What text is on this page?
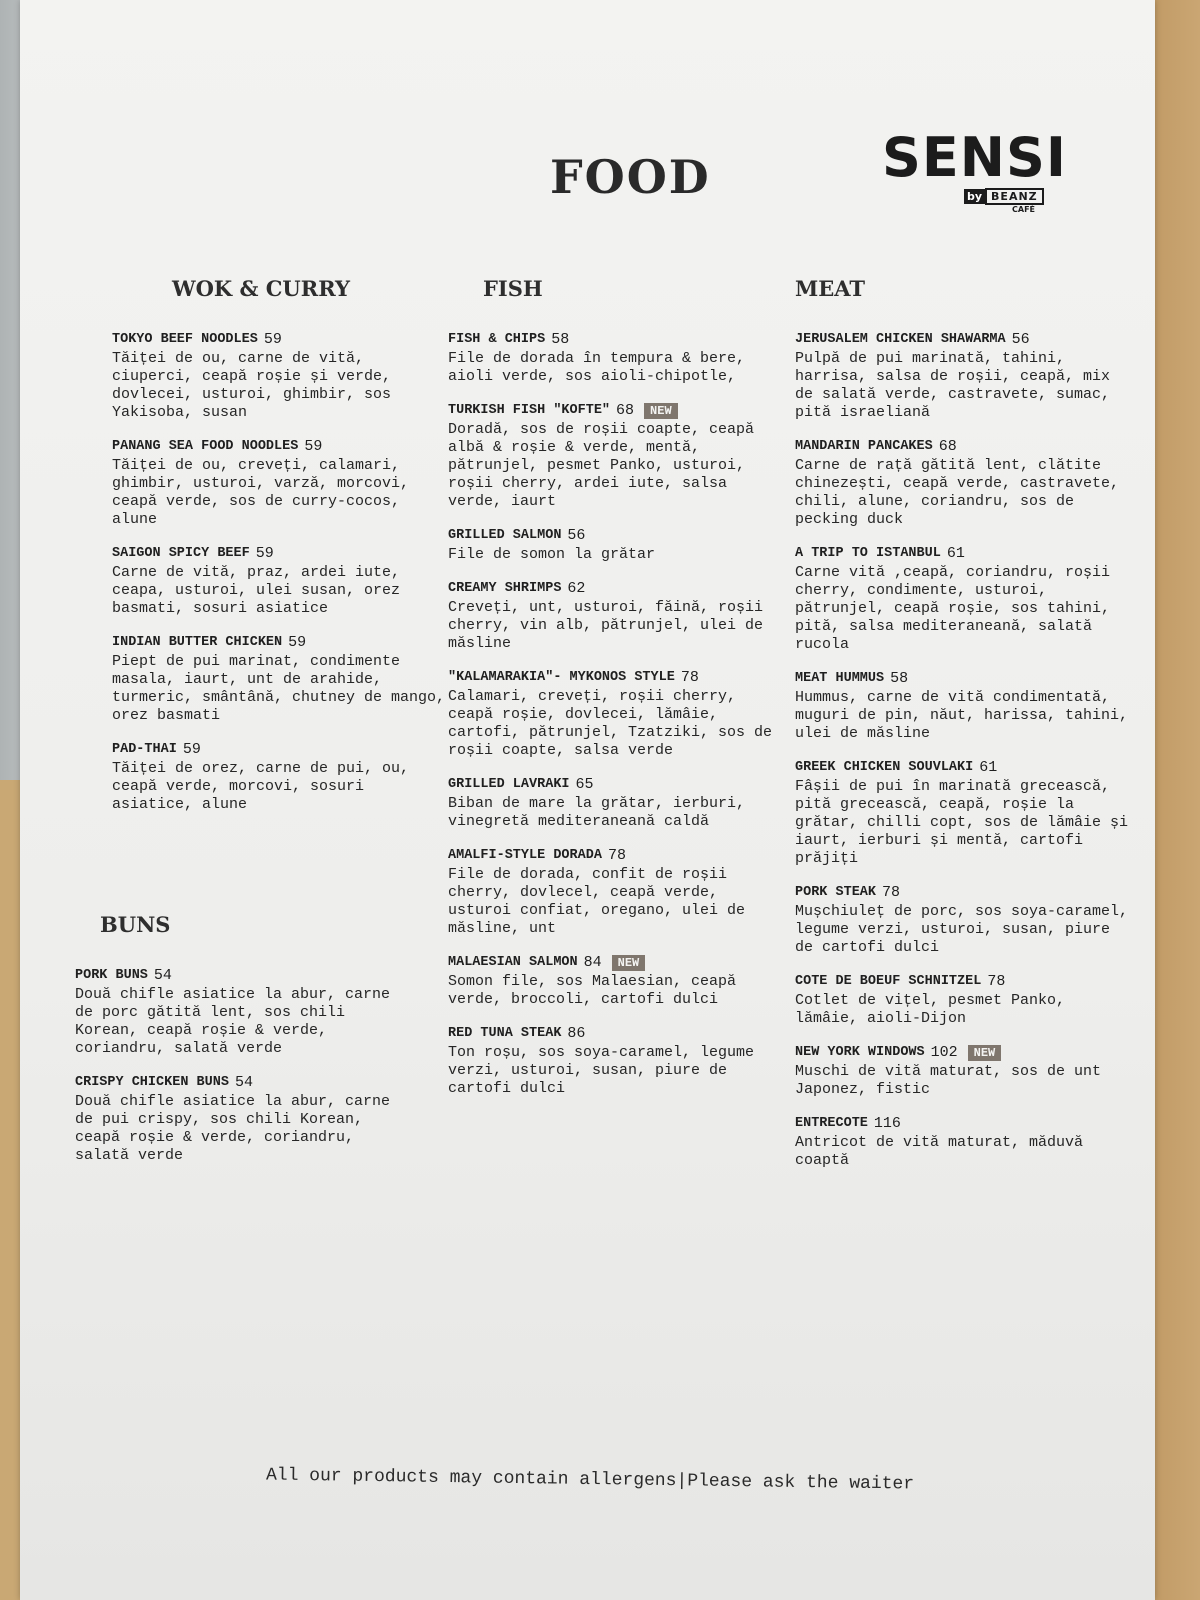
FOOD	SENSI
by BEANZ
CAFÉ
WOK & CURRY
TOKYO BEEF NOODLES 59
Tăiței de ou, carne de vită, ciuperci, ceapă roșie și verde, dovlecei, usturoi, ghimbir, sos Yakisoba, susan
PANANG SEA FOOD NOODLES 59
Tăiței de ou, creveți, calamari, ghimbir, usturoi, varză, morcovi, ceapă verde, sos de curry-cocos, alune
SAIGON SPICY BEEF 59
Carne de vită, praz, ardei iute, ceapa, usturoi, ulei susan, orez basmati, sosuri asiatice
INDIAN BUTTER CHICKEN 59
Piept de pui marinat, condimente masala, iaurt, unt de arahide, turmeric, smântână, chutney de mango, orez basmati
PAD-THAI 59
Tăiței de orez, carne de pui, ou, ceapă verde, morcovi, sosuri asiatice, alune
BUNS
PORK BUNS 54
Două chifle asiatice la abur, carne de porc gătită lent, sos chili Korean, ceapă roșie & verde, coriandru, salată verde
CRISPY CHICKEN BUNS 54
Două chifle asiatice la abur, carne de pui crispy, sos chili Korean, ceapă roșie & verde, coriandru, salată verde
FISH
FISH & CHIPS 58
File de dorada în tempura & bere, aioli verde, sos aioli-chipotle,
TURKISH FISH "KOFTE" 68	NEW
Doradă, sos de roșii coapte, ceapă albă & roșie & verde, mentă, pătrunjel, pesmet Panko, usturoi, roșii cherry, ardei iute, salsa verde, iaurt
GRILLED SALMON 56
File de somon la grătar
CREAMY SHRIMPS 62
Creveți, unt, usturoi, făină, roșii cherry, vin alb, pătrunjel, ulei de măsline
"KALAMARAKIA"- MYKONOS STYLE 78
Calamari, creveți, roșii cherry, ceapă roșie, dovlecei, lămâie, cartofi, pătrunjel, Tzatziki, sos de roșii coapte, salsa verde
GRILLED LAVRAKI 65
Biban de mare la grătar, ierburi, vinegretă mediteraneană caldă
AMALFI-STYLE DORADA 78
File de dorada, confit de roșii cherry, dovlecel, ceapă verde, usturoi confiat, oregano, ulei de măsline, unt
MALAESIAN SALMON 84	NEW
Somon file, sos Malaesian, ceapă verde, broccoli, cartofi dulci
RED TUNA STEAK 86
Ton roșu, sos soya-caramel, legume verzi, usturoi, susan, piure de cartofi dulci
MEAT
JERUSALEM CHICKEN SHAWARMA 56
Pulpă de pui marinată, tahini, harrisa, salsa de roșii, ceapă, mix de salată verde, castravete, sumac, pită israeliană
MANDARIN PANCAKES 68
Carne de rață gătită lent, clătite chinezești, ceapă verde, castravete, chili, alune, coriandru, sos de pecking duck
A TRIP TO ISTANBUL 61
Carne vită ,ceapă, coriandru, roșii cherry, condimente, usturoi, pătrunjel, ceapă roșie, sos tahini, pită, salsa mediteraneană, salată rucola
MEAT HUMMUS 58
Hummus, carne de vită condimentată, muguri de pin, năut, harissa, tahini, ulei de măsline
GREEK CHICKEN SOUVLAKI 61
Fâșii de pui în marinată grecească, pită grecească, ceapă, roșie la grătar, chilli copt, sos de lămâie și iaurt, ierburi și mentă, cartofi prăjiți
PORK STEAK 78
Mușchiuleț de porc, sos soya-caramel, legume verzi, usturoi, susan, piure de cartofi dulci
COTE DE BOEUF SCHNITZEL 78
Cotlet de vițel, pesmet Panko, lămâie, aioli-Dijon
NEW YORK WINDOWS 102	NEW
Muschi de vită maturat, sos de unt Japonez, fistic
ENTRECOTE 116
Antricot de vită maturat, măduvă coaptă
All our products may contain allergens|Please ask the waiter
